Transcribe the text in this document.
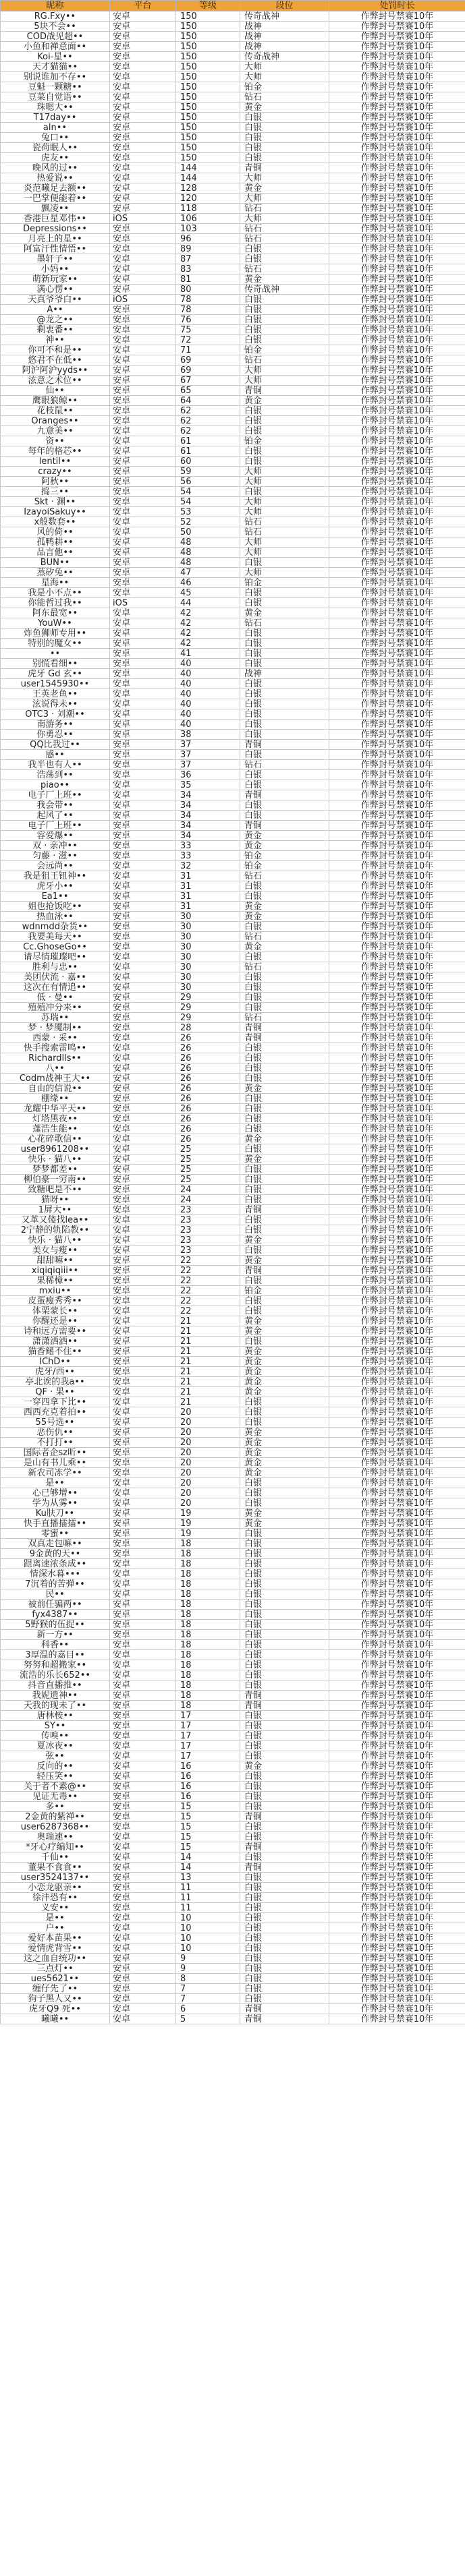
昵称	平台	等级	段位	处罚时长
RG.Fxy••	安卓	150	传奇战神	作弊封号禁赛10年
5块不会••	安卓	150	战神	作弊封号禁赛10年
COD战见超••	安卓	150	战神	作弊封号禁赛10年
小鱼和禅意面••	安卓	150	战神	作弊封号禁赛10年
Koi-星••	安卓	150	传奇战神	作弊封号禁赛10年
天才猫猫••	安卓	150	大师	作弊封号禁赛10年
别说谁加不存••	安卓	150	大师	作弊封号禁赛10年
豆魁一颗糖••	安卓	150	铂金	作弊封号禁赛10年
豆菜自觉语••	安卓	150	钻石	作弊封号禁赛10年
珠嗯大••	安卓	150	黄金	作弊封号禁赛10年
T17day••	安卓	150	白银	作弊封号禁赛10年
aln••	安卓	150	白银	作弊封号禁赛10年
兔口••	安卓	150	白银	作弊封号禁赛10年
瓷荷眠人••	安卓	150	白银	作弊封号禁赛10年
虎友••	安卓	150	白银	作弊封号禁赛10年
晚风的过••	安卓	144	青铜	作弊封号禁赛10年
热爱说••	安卓	144	大师	作弊封号禁赛10年
炎范曦足去额••	安卓	128	黄金	作弊封号禁赛10年
一巴掌便能着••	安卓	120	大师	作弊封号禁赛10年
飘凌••	安卓	118	钻石	作弊封号禁赛10年
香港巨星邓伟••	iOS	106	大师	作弊封号禁赛10年
Depressions••	安卓	103	钻石	作弊封号禁赛10年
月亮上的星••	安卓	96	钻石	作弊封号禁赛10年
阿富汗性情悟••	安卓	89	白银	作弊封号禁赛10年
墨轩子••	安卓	87	白银	作弊封号禁赛10年
小妈••	安卓	83	钻石	作弊封号禁赛10年
萌新玩家••	安卓	81	黄金	作弊封号禁赛10年
满心愣••	安卓	80	传奇战神	作弊封号禁赛10年
天真爷爷白••	iOS	78	白银	作弊封号禁赛10年
A••	安卓	78	白银	作弊封号禁赛10年
@龙之••	安卓	76	白银	作弊封号禁赛10年
剩衷番••	安卓	75	白银	作弊封号禁赛10年
神••	安卓	72	白银	作弊封号禁赛10年
你可不和是••	安卓	71	铂金	作弊封号禁赛10年
悠君不在低••	安卓	69	钻石	作弊封号禁赛10年
阿沪阿沪yyds••	安卓	69	大师	作弊封号禁赛10年
泫意之术位••	安卓	67	大师	作弊封号禁赛10年
仙••	安卓	65	青铜	作弊封号禁赛10年
鹰眼狼鲸••	安卓	64	黄金	作弊封号禁赛10年
花枝鼠••	安卓	62	白银	作弊封号禁赛10年
Oranges••	安卓	62	白银	作弊封号禁赛10年
九意美••	安卓	62	白银	作弊封号禁赛10年
资••	安卓	61	铂金	作弊封号禁赛10年
每年的格芯••	安卓	61	白银	作弊封号禁赛10年
lentil••	安卓	60	白银	作弊封号禁赛10年
crazy••	安卓	59	大师	作弊封号禁赛10年
阿秋••	安卓	56	大师	作弊封号禁赛10年
捣三••	安卓	54	白银	作弊封号禁赛10年
Skt · 渊••	安卓	54	大师	作弊封号禁赛10年
IzayoiSakuy••	安卓	53	大师	作弊封号禁赛10年
x般数套••	安卓	52	钻石	作弊封号禁赛10年
风的倚••	安卓	50	钻石	作弊封号禁赛10年
孤鸭耕••	安卓	48	大师	作弊封号禁赛10年
品言他••	安卓	48	大师	作弊封号禁赛10年
BUN••	安卓	48	白银	作弊封号禁赛10年
蒸矽兔••	安卓	47	大师	作弊封号禁赛10年
星海••	安卓	46	铂金	作弊封号禁赛10年
我是小不点••	安卓	45	白银	作弊封号禁赛10年
你能哲过我••	iOS	44	白银	作弊封号禁赛10年
阿东最宽••	安卓	42	黄金	作弊封号禁赛10年
YouW••	安卓	42	钻石	作弊封号禁赛10年
炸鱼狮师专用••	安卓	42	白银	作弊封号禁赛10年
特别的魔女••	安卓	42	白银	作弊封号禁赛10年
••	安卓	41	白银	作弊封号禁赛10年
别慌看细••	安卓	40	白银	作弊封号禁赛10年
虎牙 Gd 玄••	安卓	40	战神	作弊封号禁赛10年
user1545930••	安卓	40	白银	作弊封号禁赛10年
王英老鱼••	安卓	40	白银	作弊封号禁赛10年
泫说得未••	安卓	40	白银	作弊封号禁赛10年
OTC3 · 刘潮••	安卓	40	白银	作弊封号禁赛10年
南游务••	安卓	40	白银	作弊封号禁赛10年
你勇忍••	安卓	38	白银	作弊封号禁赛10年
QQ比我过••	安卓	37	青铜	作弊封号禁赛10年
感••	安卓	37	白银	作弊封号禁赛10年
我半也有人••	安卓	37	钻石	作弊封号禁赛10年
浩荡到••	安卓	36	白银	作弊封号禁赛10年
piao••	安卓	35	白银	作弊封号禁赛10年
电子厂上班••	安卓	34	青铜	作弊封号禁赛10年
我会带••	安卓	34	白银	作弊封号禁赛10年
起风了••	安卓	34	白银	作弊封号禁赛10年
电子厂上班••	安卓	34	青铜	作弊封号禁赛10年
容爱爆••	安卓	34	黄金	作弊封号禁赛10年
双 · 亲冲••	安卓	33	黄金	作弊封号禁赛10年
匀藤 · 滋••	安卓	33	铂金	作弊封号禁赛10年
会远尚••	安卓	32	铂金	作弊封号禁赛10年
我是狙王钮神••	安卓	31	钻石	作弊封号禁赛10年
虎牙小••	安卓	31	白银	作弊封号禁赛10年
Ea1••	安卓	31	白银	作弊封号禁赛10年
姐也抢饭吃••	安卓	31	黄金	作弊封号禁赛10年
热血泳••	安卓	30	黄金	作弊封号禁赛10年
wdnmdd杂货••	安卓	30	白银	作弊封号禁赛10年
我要美每天••	安卓	30	钻石	作弊封号禁赛10年
Cc.GhoseGo••	安卓	30	黄金	作弊封号禁赛10年
请尽情璀璨吧••	安卓	30	白银	作弊封号禁赛10年
胜利与忠••	安卓	30	钻石	作弊封号禁赛10年
美团伏流 · 嘉••	安卓	30	白银	作弊封号禁赛10年
这次在有情追••	安卓	30	白银	作弊封号禁赛10年
低 · 曼••	安卓	29	白银	作弊封号禁赛10年
殖殖冲分来••	安卓	29	白银	作弊封号禁赛10年
苏瑞••	安卓	29	钻石	作弊封号禁赛10年
梦 · 梦魇制••	安卓	28	青铜	作弊封号禁赛10年
西蒙 · 采••	安卓	26	青铜	作弊封号禁赛10年
快手搜索雷鸣••	安卓	26	白银	作弊封号禁赛10年
Richardlls••	安卓	26	白银	作弊封号禁赛10年
八••	安卓	26	白银	作弊封号禁赛10年
Codm战神王大••	安卓	26	白银	作弊封号禁赛10年
自由的信说••	安卓	26	黄金	作弊封号禁赛10年
棚缘••	安卓	26	白银	作弊封号禁赛10年
龙耀中华平天••	安卓	26	白银	作弊封号禁赛10年
灯塔黑夜••	安卓	26	白银	作弊封号禁赛10年
蓬浩生能••	安卓	26	白银	作弊封号禁赛10年
心花碎歌信••	安卓	26	黄金	作弊封号禁赛10年
user8961208••	安卓	25	白银	作弊封号禁赛10年
快乐 · 猫八••	安卓	25	黄金	作弊封号禁赛10年
梦梦都差••	安卓	25	白银	作弊封号禁赛10年
柳伯豪一穷南••	安卓	25	白银	作弊封号禁赛10年
致糖吧是不••	安卓	24	白银	作弊封号禁赛10年
猫呀••	安卓	24	白银	作弊封号禁赛10年
1屏大••	安卓	23	青铜	作弊封号禁赛10年
又革又傻找lea••	安卓	23	白银	作弊封号禁赛10年
2宁静的轨陷教••	安卓	23	白银	作弊封号禁赛10年
快乐 · 猫八••	安卓	23	黄金	作弊封号禁赛10年
美女与瘦••	安卓	23	白银	作弊封号禁赛10年
甜甜嘛••	安卓	22	黄金	作弊封号禁赛10年
xiqiqiqiii••	安卓	22	青铜	作弊封号禁赛10年
果稀樟••	安卓	22	白银	作弊封号禁赛10年
mxiu••	安卓	22	铂金	作弊封号禁赛10年
皮蛋瘦秀秀••	安卓	22	白银	作弊封号禁赛10年
体栗蒙长••	安卓	22	白银	作弊封号禁赛10年
你醒还是••	安卓	21	黄金	作弊封号禁赛10年
诗和远方需要••	安卓	21	黄金	作弊封号禁赛10年
潇潇洒洒••	安卓	21	白银	作弊封号禁赛10年
猫香鳍不住••	安卓	21	黄金	作弊封号禁赛10年
IChD••	安卓	21	黄金	作弊封号禁赛10年
虎牙/西••	安卓	21	黄金	作弊封号禁赛10年
亭北诶的我a••	安卓	21	黄金	作弊封号禁赛10年
QF · 果••	安卓	21	黄金	作弊封号禁赛10年
一穿四拿下比••	安卓	21	白银	作弊封号禁赛10年
西西充克着拍••	安卓	20	白银	作弊封号禁赛10年
55号选••	安卓	20	白银	作弊封号禁赛10年
恶伤仇••	安卓	20	黄金	作弊封号禁赛10年
不打打••	安卓	20	黄金	作弊封号禁赛10年
国际者企sz昕••	安卓	20	黄金	作弊封号禁赛10年
是山有书儿乘••	安卓	20	黄金	作弊封号禁赛10年
新农司冻学••	安卓	20	黄金	作弊封号禁赛10年
是••	安卓	20	白银	作弊封号禁赛10年
心已够增••	安卓	20	白银	作弊封号禁赛10年
学为从雾••	安卓	20	白银	作弊封号禁赛10年
Ku肤刀••	安卓	19	黄金	作弊封号禁赛10年
快手直播擂擂••	安卓	19	黄金	作弊封号禁赛10年
零蜜••	安卓	19	白银	作弊封号禁赛10年
双真走包嘛••	安卓	18	白银	作弊封号禁赛10年
9金黄的天••	安卓	18	白银	作弊封号禁赛10年
跟离速浓条成••	安卓	18	白银	作弊封号禁赛10年
情深水暮•••	安卓	18	白银	作弊封号禁赛10年
7沉着的苦弹••	安卓	18	白银	作弊封号禁赛10年
民••	安卓	18	白银	作弊封号禁赛10年
被前任骗两••	安卓	18	白银	作弊封号禁赛10年
fyx4387••	安卓	18	白银	作弊封号禁赛10年
5野猴的伍捉••	安卓	18	白银	作弊封号禁赛10年
新一方••	安卓	18	白银	作弊封号禁赛10年
科香••	安卓	18	白银	作弊封号禁赛10年
3厚温的嘉目••	安卓	18	白银	作弊封号禁赛10年
努努和超搬家••	安卓	18	白银	作弊封号禁赛10年
流浩的乐长652••	安卓	18	白银	作弊封号禁赛10年
抖音直播推••	安卓	18	白银	作弊封号禁赛10年
我妮遗神••	安卓	18	青铜	作弊封号禁赛10年
天我的现未了••	安卓	18	青铜	作弊封号禁赛10年
唐林桉••	安卓	17	白银	作弊封号禁赛10年
SY••	安卓	17	白银	作弊封号禁赛10年
传嗅••	安卓	17	白银	作弊封号禁赛10年
夏冰夜••	安卓	17	白银	作弊封号禁赛10年
弦••	安卓	17	白银	作弊封号禁赛10年
反向的••	安卓	16	黄金	作弊封号禁赛10年
轻压笑••	安卓	16	白银	作弊封号禁赛10年
关于者不素@••	安卓	16	白银	作弊封号禁赛10年
见证无毒••	安卓	16	白银	作弊封号禁赛10年
多••	安卓	15	白银	作弊封号禁赛10年
2金黄的紫禅••	安卓	15	青铜	作弊封号禁赛10年
user6287368••	安卓	15	白银	作弊封号禁赛10年
奥瑞速••	安卓	15	白银	作弊封号禁赛10年
*牙心疗编知••	安卓	15	青铜	作弊封号禁赛10年
千仙••	安卓	14	白银	作弊封号禁赛10年
董果不食食••	安卓	14	青铜	作弊封号禁赛10年
user3524137••	安卓	13	白银	作弊封号禁赛10年
小恋龙驱亲••	安卓	11	白银	作弊封号禁赛10年
徐沣恐有••	安卓	11	白银	作弊封号禁赛10年
义安••	安卓	11	白银	作弊封号禁赛10年
是••	安卓	10	白银	作弊封号禁赛10年
户••	安卓	10	白银	作弊封号禁赛10年
爱好本苗果••	安卓	10	白银	作弊封号禁赛10年
爱情虎背雪••	安卓	10	白银	作弊封号禁赛10年
这之血自统功••	安卓	9	白银	作弊封号禁赛10年
三点灯••	安卓	9	白银	作弊封号禁赛10年
ues5621••	安卓	8	白银	作弊封号禁赛10年
缠仔先了••	安卓	7	白银	作弊封号禁赛10年
狗子黑人又••	安卓	7	白银	作弊封号禁赛10年
虎牙Q9 死••	安卓	6	青铜	作弊封号禁赛10年
曦曦••	安卓	5	青铜	作弊封号禁赛10年
